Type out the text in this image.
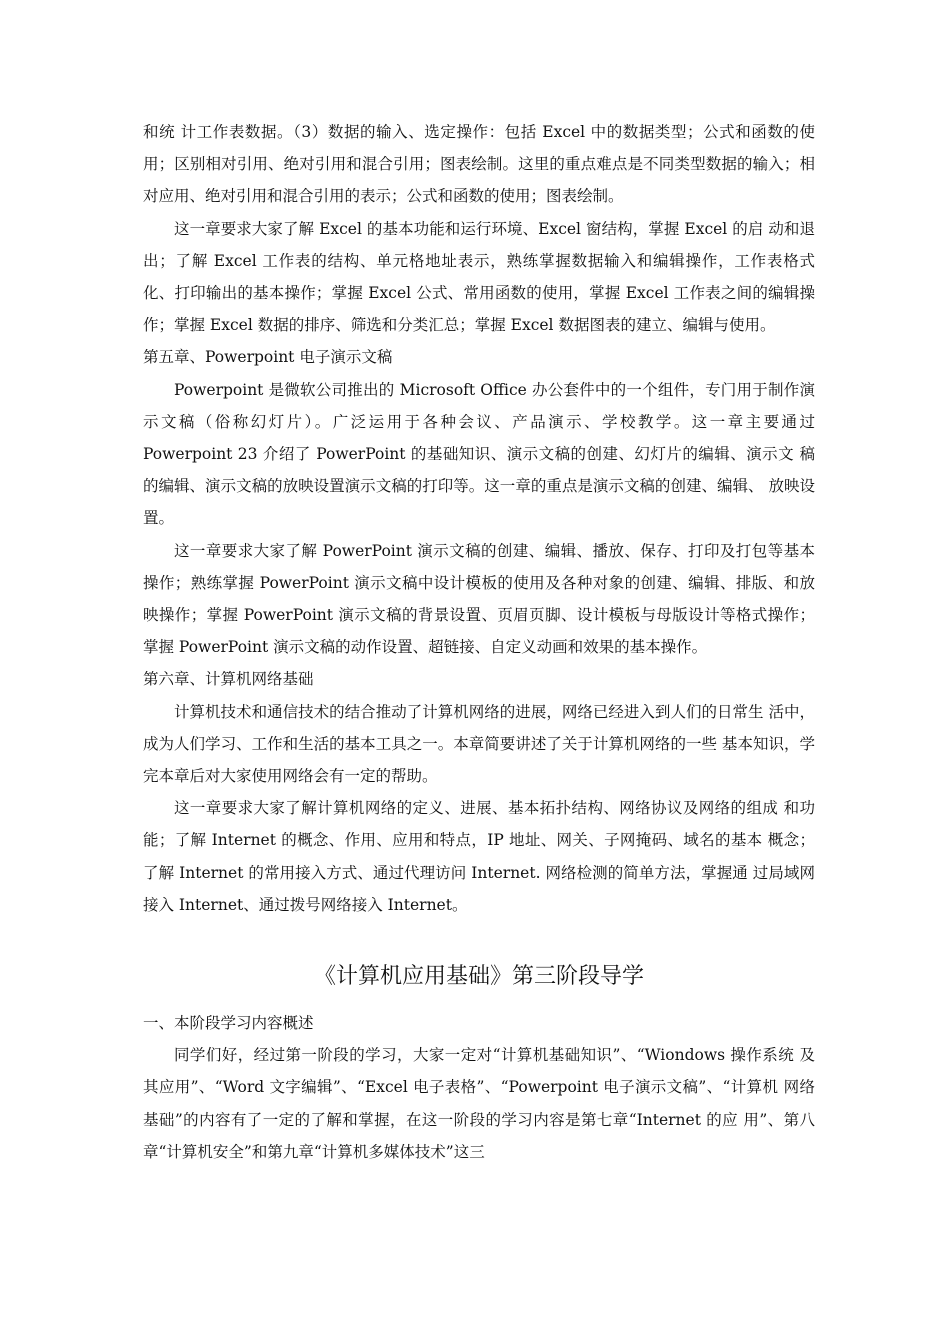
和统 计工作表数据。（3）数据的输入、选定操作：包括 Excel 中的数据类型；公式和函数的使用；区别相对引用、绝对引用和混合引用；图表绘制。这里的重点难点是不同类型数据的输入；相对应用、绝对引用和混合引用的表示；公式和函数的使用；图表绘制。

这一章要求大家了解 Excel 的基本功能和运行环境、Excel 窗结构，掌握 Excel 的启 动和退出；了解 Excel 工作表的结构、单元格地址表示，熟练掌握数据输入和编辑操作，工作表格式化、打印输出的基本操作；掌握 Excel 公式、常用函数的使用，掌握 Excel 工作表之间的编辑操作；掌握 Excel 数据的排序、筛选和分类汇总；掌握 Excel 数据图表的建立、编辑与使用。

第五章、Powerpoint 电子演示文稿

Powerpoint 是微软公司推出的 Microsoft Office 办公套件中的一个组件，专门用于制作演示文稿（俗称幻灯片）。广泛运用于各种会议、产品演示、学校教学。这一章主要通过 Powerpoint 23 介绍了 PowerPoint 的基础知识、演示文稿的创建、幻灯片的编辑、演示文 稿的编辑、演示文稿的放映设置演示文稿的打印等。这一章的重点是演示文稿的创建、编辑、 放映设置。

这一章要求大家了解 PowerPoint 演示文稿的创建、编辑、播放、保存、打印及打包等基本操作；熟练掌握 PowerPoint 演示文稿中设计模板的使用及各种对象的创建、编辑、排版、和放映操作；掌握 PowerPoint 演示文稿的背景设置、页眉页脚、设计模板与母版设计等格式操作；掌握 PowerPoint 演示文稿的动作设置、超链接、自定义动画和效果的基本操作。

第六章、计算机网络基础

计算机技术和通信技术的结合推动了计算机网络的进展，网络已经进入到人们的日常生 活中，成为人们学习、工作和生活的基本工具之一。本章简要讲述了关于计算机网络的一些 基本知识，学完本章后对大家使用网络会有一定的帮助。

这一章要求大家了解计算机网络的定义、进展、基本拓扑结构、网络协议及网络的组成 和功能；了解 Internet 的概念、作用、应用和特点，IP 地址、网关、子网掩码、域名的基本 概念；了解 Internet 的常用接入方式、通过代理访问 Internet. 网络检测的简单方法，掌握通 过局域网接入 Internet、通过拨号网络接入 Internet。

《计算机应用基础》第三阶段导学
一、本阶段学习内容概述

同学们好，经过第一阶段的学习，大家一定对“计算机基础知识”、“Wiondows 操作系统 及其应用”、“Word 文字编辑”、“Excel 电子表格”、“Powerpoint 电子演示文稿”、“计算机 网络基础”的内容有了一定的了解和掌握，在这一阶段的学习内容是第七章“Internet 的应 用”、第八章“计算机安全”和第九章“计算机多媒体技术”这三
